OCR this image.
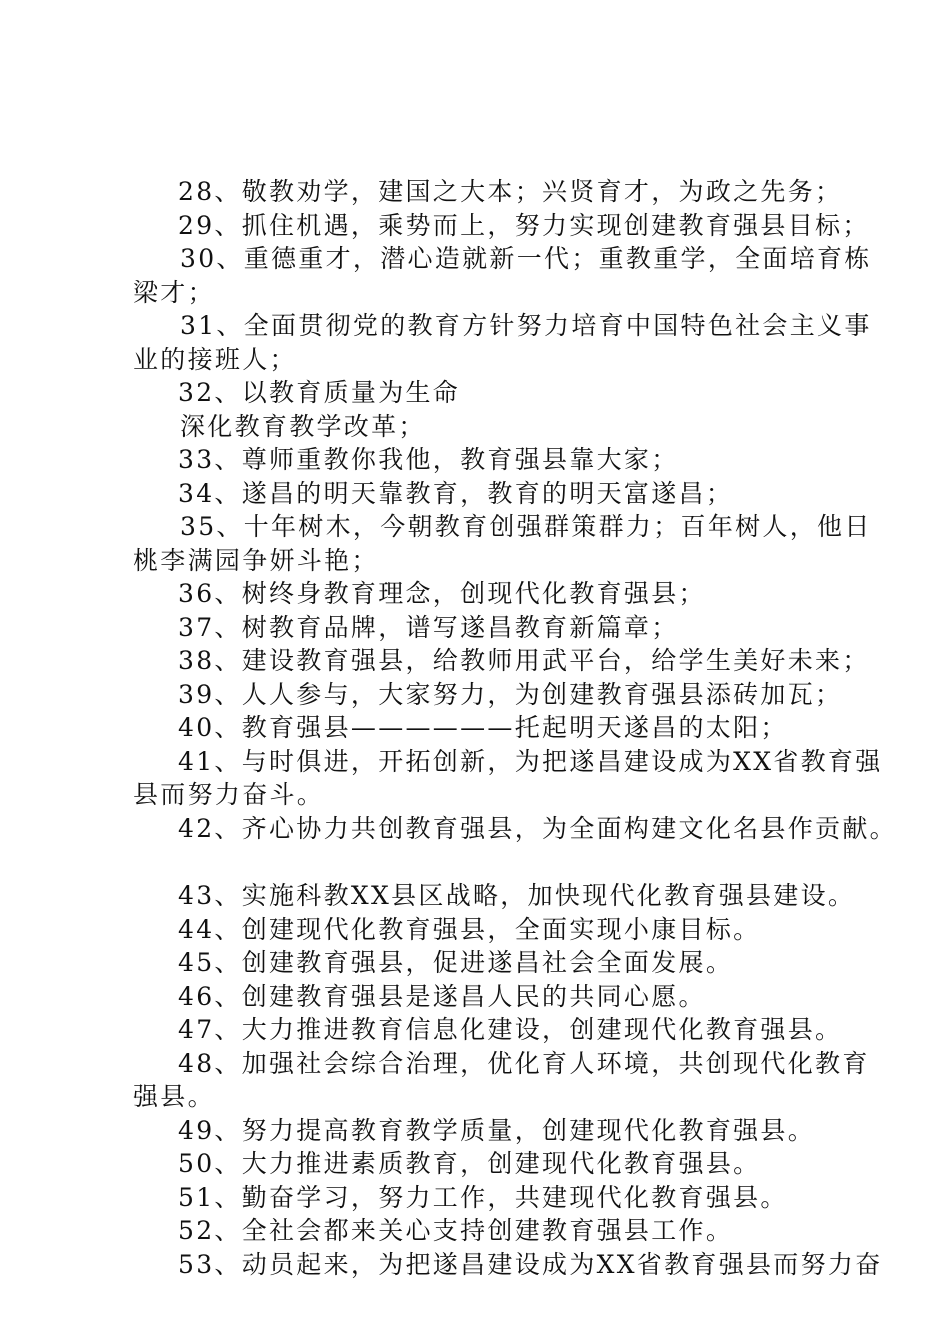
28、敬教劝学，建国之大本；兴贤育才，为政之先务；
29、抓住机遇，乘势而上，努力实现创建教育强县目标；
30、重德重才，潜心造就新一代；重教重学，全面培育栋
梁才；
31、全面贯彻党的教育方针努力培育中国特色社会主义事
业的接班人；
32、以教育质量为生命
深化教育教学改革；
33、尊师重教你我他，教育强县靠大家；
34、遂昌的明天靠教育，教育的明天富遂昌；
35、十年树木，今朝教育创强群策群力；百年树人，他日
桃李满园争妍斗艳；
36、树终身教育理念，创现代化教育强县；
37、树教育品牌，谱写遂昌教育新篇章；
38、建设教育强县，给教师用武平台，给学生美好未来；
39、人人参与，大家努力，为创建教育强县添砖加瓦；
40、教育强县——————托起明天遂昌的太阳；
41、与时俱进，开拓创新，为把遂昌建设成为XX省教育强
县而努力奋斗。
42、齐心协力共创教育强县，为全面构建文化名县作贡献。
43、实施科教XX县区战略，加快现代化教育强县建设。
44、创建现代化教育强县，全面实现小康目标。
45、创建教育强县，促进遂昌社会全面发展。
46、创建教育强县是遂昌人民的共同心愿。
47、大力推进教育信息化建设，创建现代化教育强县。
48、加强社会综合治理，优化育人环境，共创现代化教育
强县。
49、努力提高教育教学质量，创建现代化教育强县。
50、大力推进素质教育，创建现代化教育强县。
51、勤奋学习，努力工作，共建现代化教育强县。
52、全社会都来关心支持创建教育强县工作。
53、动员起来，为把遂昌建设成为XX省教育强县而努力奋
